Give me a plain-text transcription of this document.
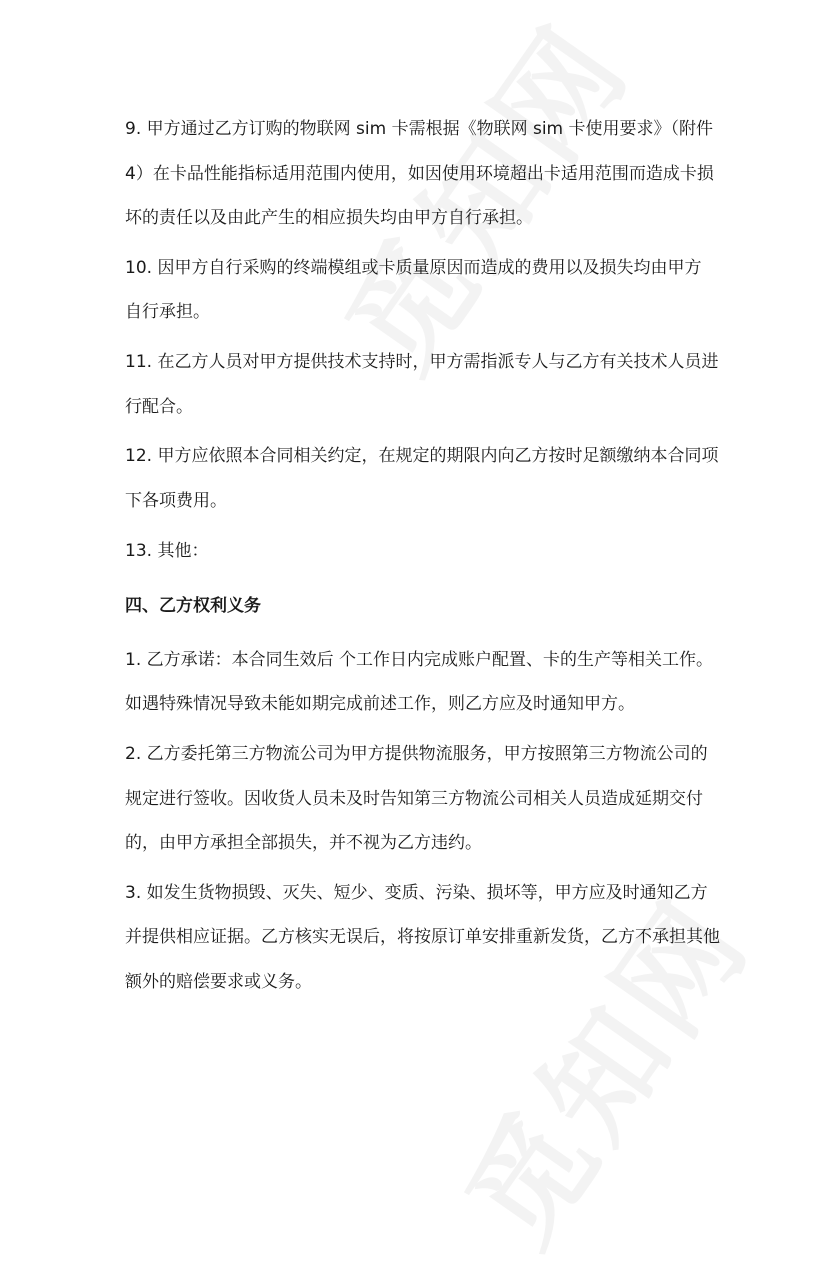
9. 甲方通过乙方订购的物联网 sim 卡需根据《物联网 sim 卡使用要求》（附件
4）在卡品性能指标适用范围内使用，如因使用环境超出卡适用范围而造成卡损
坏的责任以及由此产生的相应损失均由甲方自行承担。
10. 因甲方自行采购的终端模组或卡质量原因而造成的费用以及损失均由甲方
自行承担。
11. 在乙方人员对甲方提供技术支持时，甲方需指派专人与乙方有关技术人员进
行配合。
12. 甲方应依照本合同相关约定，在规定的期限内向乙方按时足额缴纳本合同项
下各项费用。
13. 其他：
四、乙方权利义务
1. 乙方承诺：本合同生效后 个工作日内完成账户配置、卡的生产等相关工作。
如遇特殊情况导致未能如期完成前述工作，则乙方应及时通知甲方。
2. 乙方委托第三方物流公司为甲方提供物流服务，甲方按照第三方物流公司的
规定进行签收。因收货人员未及时告知第三方物流公司相关人员造成延期交付
的，由甲方承担全部损失，并不视为乙方违约。
3. 如发生货物损毁、灭失、短少、变质、污染、损坏等，甲方应及时通知乙方
并提供相应证据。乙方核实无误后，将按原订单安排重新发货，乙方不承担其他
额外的赔偿要求或义务。
